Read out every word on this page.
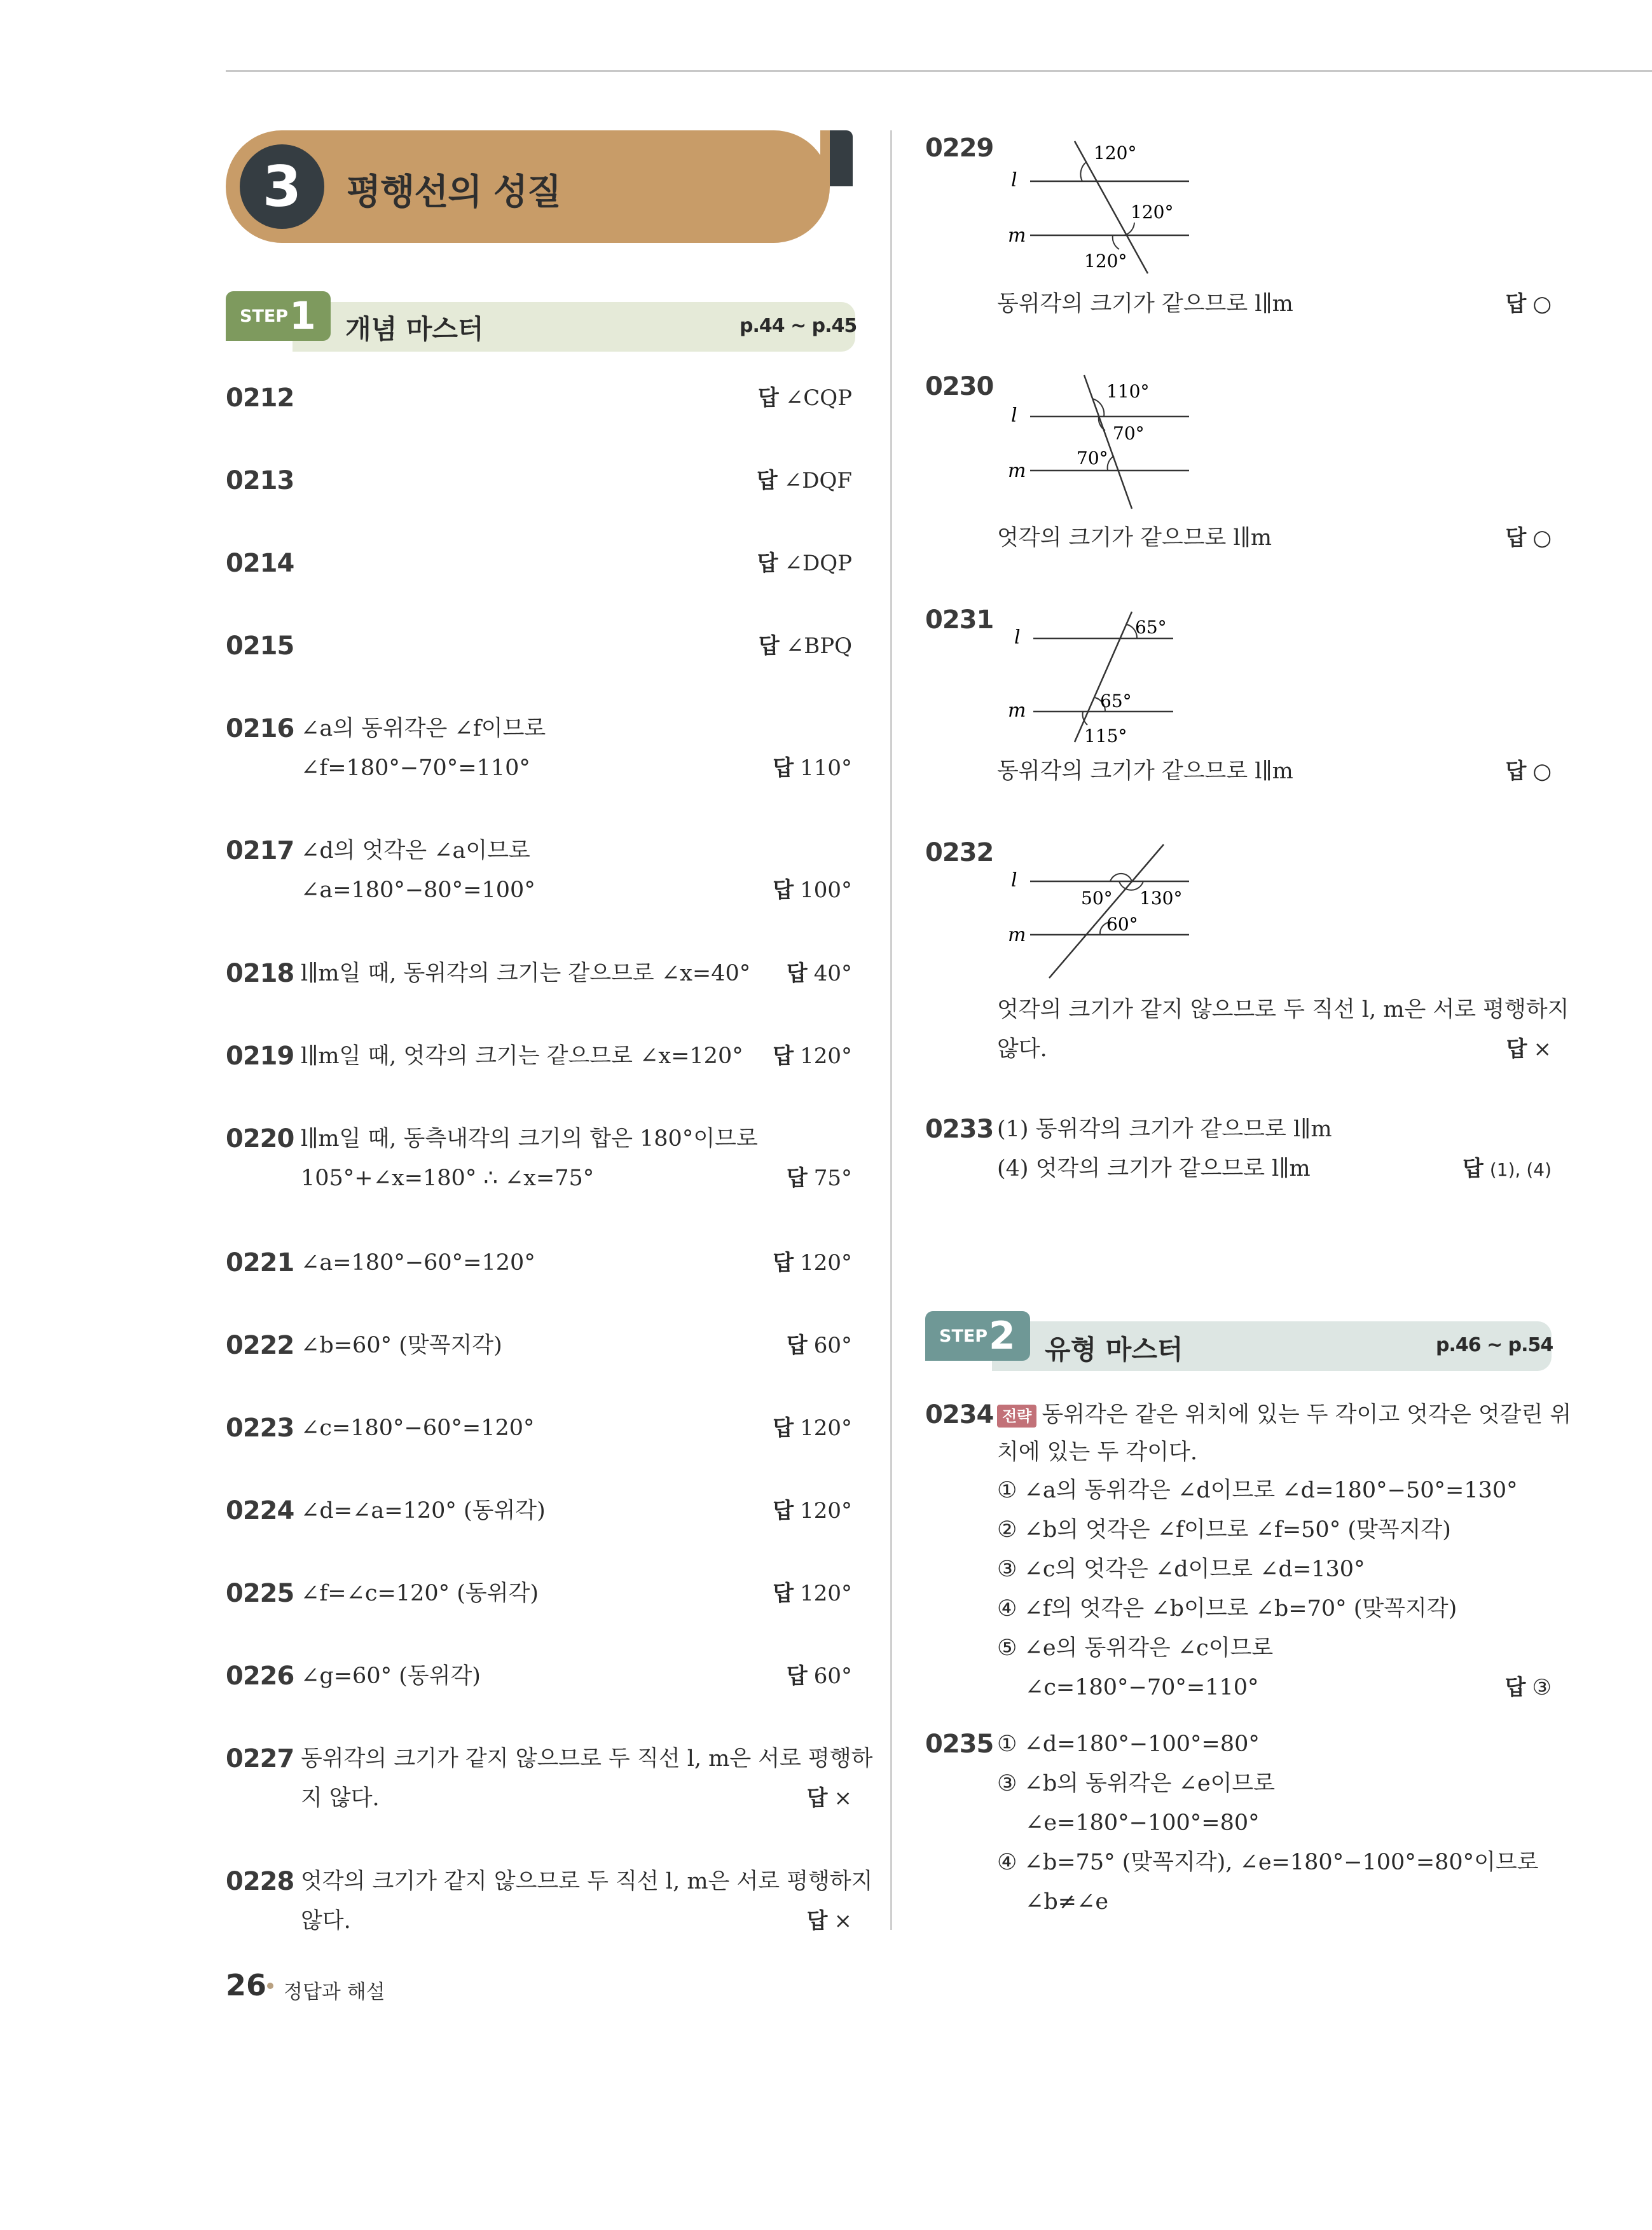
3	평행선의 성질
STEP 1 개념 마스터	p.44 ~ p.45
STEP 2 유형 마스터	p.46 ~ p.54
0212	답 ∠CQP
0213	답 ∠DQF
0214	답 ∠DQP
0215	답 ∠BPQ
0216 ∠a의 동위각은 ∠f이므로
∠f=180°−70°=110°	답 110°
0217 ∠d의 엇각은 ∠a이므로
∠a=180°−80°=100°	답 100°
0218 l∥m일 때, 동위각의 크기는 같으므로 ∠x=40°	답 40°
0219 l∥m일 때, 엇각의 크기는 같으므로 ∠x=120°	답 120°
0220 l∥m일 때, 동측내각의 크기의 합은 180°이므로
105°+∠x=180° ∴ ∠x=75°	답 75°
0221 ∠a=180°−60°=120°	답 120°
0222 ∠b=60° (맞꼭지각)	답 60°
0223 ∠c=180°−60°=120°	답 120°
0224 ∠d=∠a=120° (동위각)	답 120°
0225 ∠f=∠c=120° (동위각)	답 120°
0226 ∠g=60° (동위각)	답 60°
0227 동위각의 크기가 같지 않으므로 두 직선 l, m은 서로 평행하
지 않다.	답 ×
0228 엇각의 크기가 같지 않으므로 두 직선 l, m은 서로 평행하지
않다.	답 ×
0229
l
m
120°
120°
120°
동위각의 크기가 같으므로 l∥m	답 ○
0230
l
m
110°
70°
70°
엇각의 크기가 같으므로 l∥m	답 ○
0231
l
m
65°
65°
115°
동위각의 크기가 같으므로 l∥m	답 ○
0232
l
m
50° 130°
60°
엇각의 크기가 같지 않으므로 두 직선 l, m은 서로 평행하지
않다.	답 ×
0233 (1) 동위각의 크기가 같으므로 l∥m
(4) 엇각의 크기가 같으므로 l∥m	답 (1), (4)
0234 전략 동위각은 같은 위치에 있는 두 각이고 엇각은 엇갈린 위
치에 있는 두 각이다.
① ∠a의 동위각은 ∠d이므로 ∠d=180°−50°=130°
② ∠b의 엇각은 ∠f이므로 ∠f=50° (맞꼭지각)
③ ∠c의 엇각은 ∠d이므로 ∠d=130°
④ ∠f의 엇각은 ∠b이므로 ∠b=70° (맞꼭지각)
⑤ ∠e의 동위각은 ∠c이므로
∠c=180°−70°=110°	답 ③
0235 ① ∠d=180°−100°=80°
③ ∠b의 동위각은 ∠e이므로
∠e=180°−100°=80°
④ ∠b=75° (맞꼭지각), ∠e=180°−100°=80°이므로
∠b≠∠e
26 정답과 해설
